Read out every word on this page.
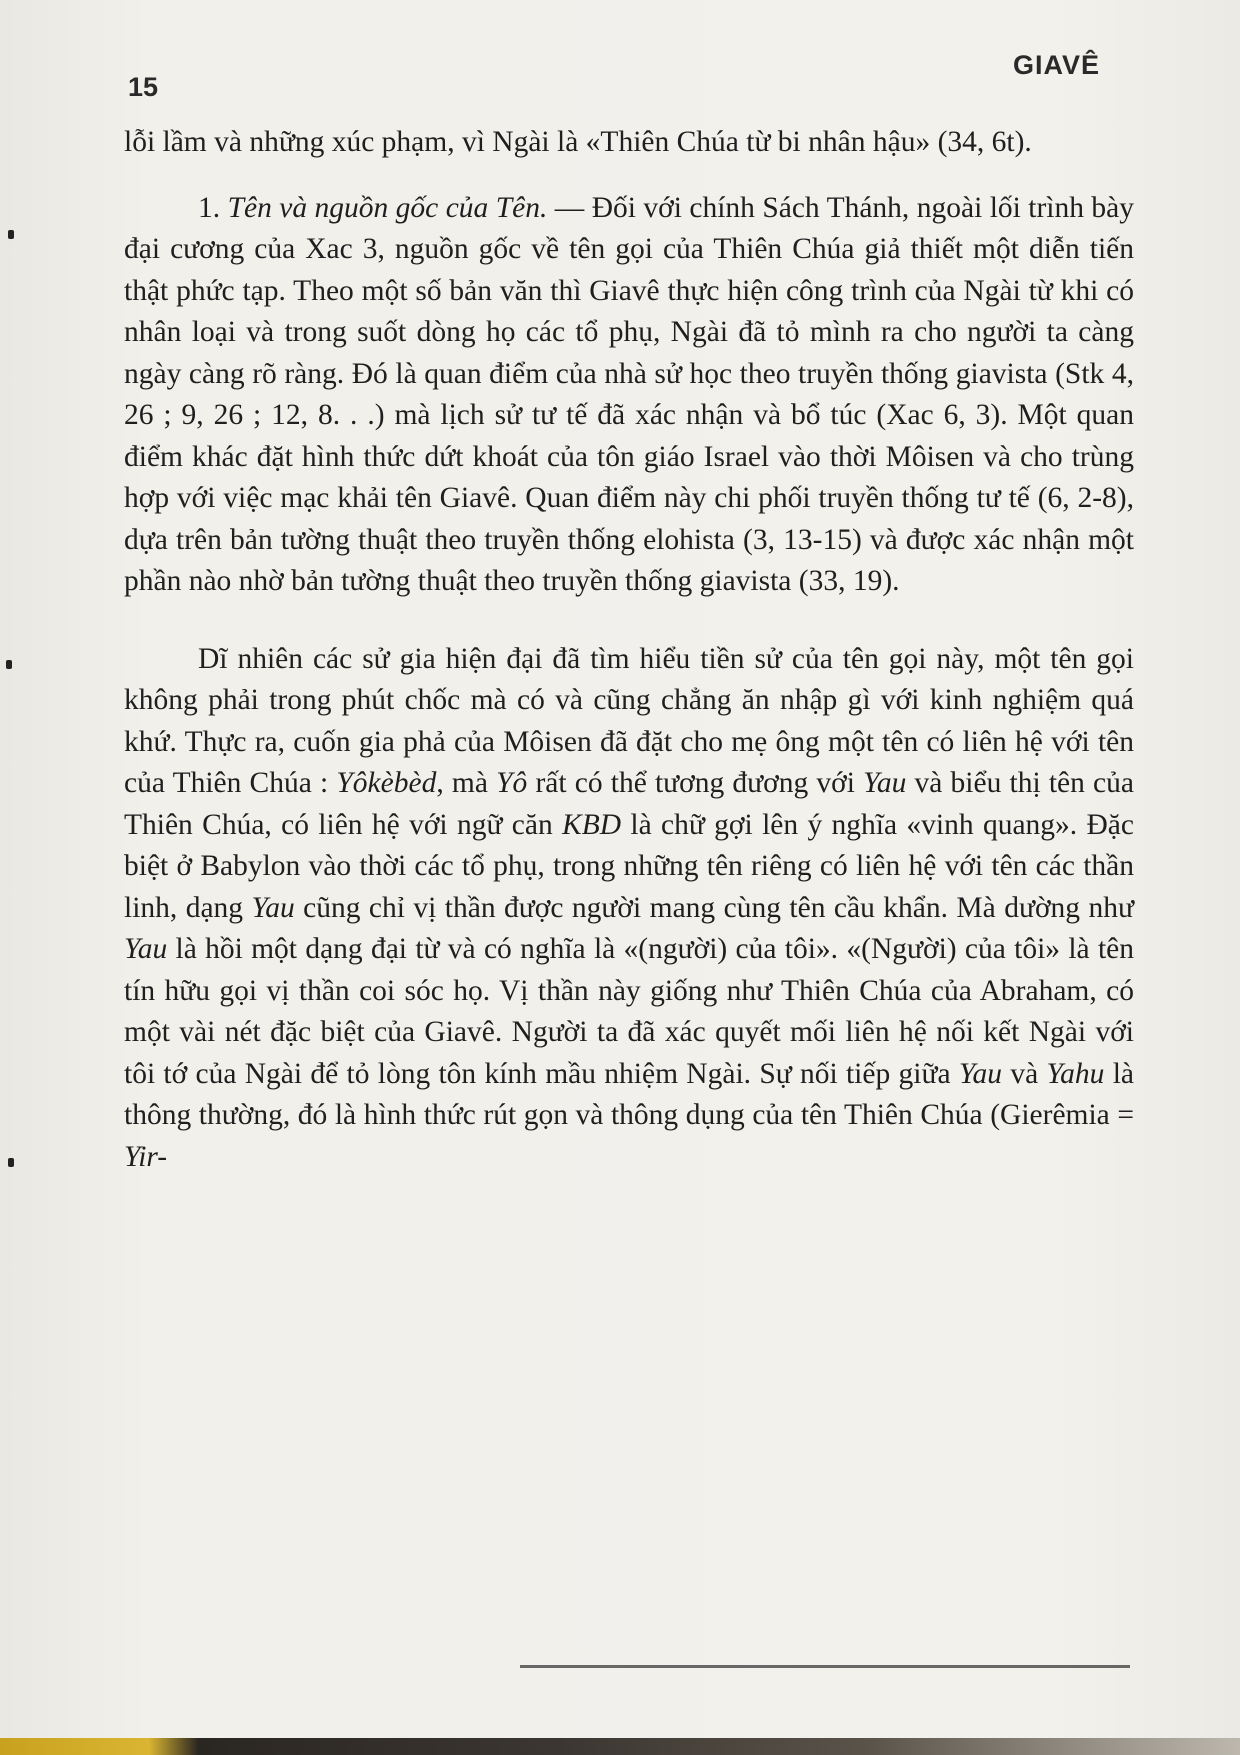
15
GIAVÊ

lỗi lầm và những xúc phạm, vì Ngài là «Thiên Chúa từ bi nhân hậu» (34, 6t).

1. Tên và nguồn gốc của Tên. — Đối với chính Sách Thánh, ngoài lối trình bày đại cương của Xac 3, nguồn gốc về tên gọi của Thiên Chúa giả thiết một diễn tiến thật phức tạp. Theo một số bản văn thì Giavê thực hiện công trình của Ngài từ khi có nhân loại và trong suốt dòng họ các tổ phụ, Ngài đã tỏ mình ra cho người ta càng ngày càng rõ ràng. Đó là quan điểm của nhà sử học theo truyền thống giavista (Stk 4, 26 ; 9, 26 ; 12, 8. . .) mà lịch sử tư tế đã xác nhận và bổ túc (Xac 6, 3). Một quan điểm khác đặt hình thức dứt khoát của tôn giáo Israel vào thời Môisen và cho trùng hợp với việc mạc khải tên Giavê. Quan điểm này chi phối truyền thống tư tế (6, 2-8), dựa trên bản tường thuật theo truyền thống elohista (3, 13-15) và được xác nhận một phần nào nhờ bản tường thuật theo truyền thống giavista (33, 19).

Dĩ nhiên các sử gia hiện đại đã tìm hiểu tiền sử của tên gọi này, một tên gọi không phải trong phút chốc mà có và cũng chẳng ăn nhập gì với kinh nghiệm quá khứ. Thực ra, cuốn gia phả của Môisen đã đặt cho mẹ ông một tên có liên hệ với tên của Thiên Chúa : Yôkèbèd, mà Yô rất có thể tương đương với Yau và biểu thị tên của Thiên Chúa, có liên hệ với ngữ căn KBD là chữ gợi lên ý nghĩa «vinh quang». Đặc biệt ở Babylon vào thời các tổ phụ, trong những tên riêng có liên hệ với tên các thần linh, dạng Yau cũng chỉ vị thần được người mang cùng tên cầu khẩn. Mà dường như Yau là hồi một dạng đại từ và có nghĩa là «(người) của tôi». «(Người) của tôi» là tên tín hữu gọi vị thần coi sóc họ. Vị thần này giống như Thiên Chúa của Abraham, có một vài nét đặc biệt của Giavê. Người ta đã xác quyết mối liên hệ nối kết Ngài với tôi tớ của Ngài để tỏ lòng tôn kính mầu nhiệm Ngài. Sự nối tiếp giữa Yau và Yahu là thông thường, đó là hình thức rút gọn và thông dụng của tên Thiên Chúa (Gierêmia = Yir-
